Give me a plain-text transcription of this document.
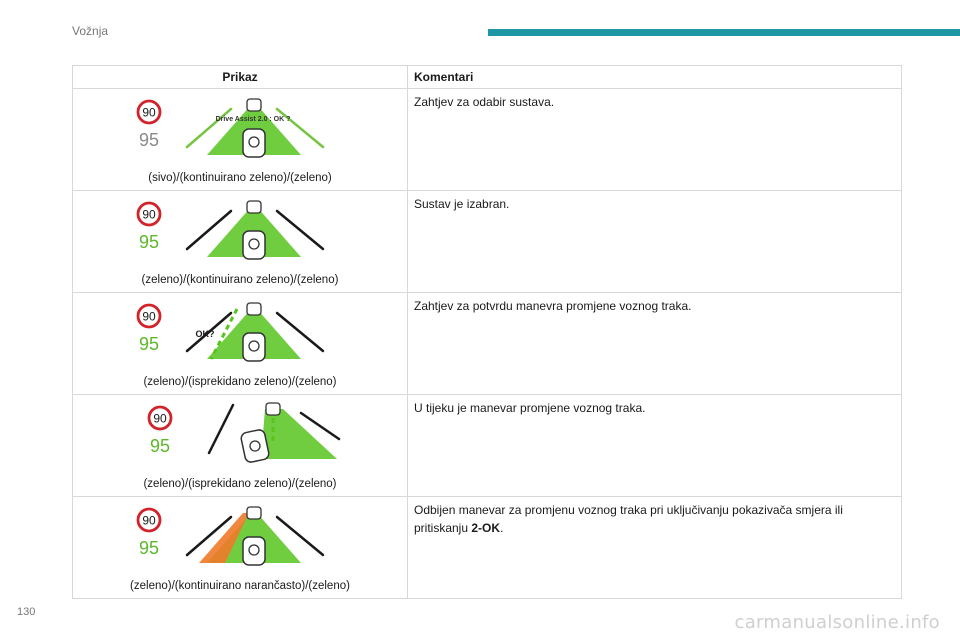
Vožnja
Prikaz	Komentari

90
95
Drive Assist 2.0 : OK ?
(sivo)/(kontinuirano zeleno)/(zeleno)	Zahtjev za odabir sustava.

90
95
(zeleno)/(kontinuirano zeleno)/(zeleno)	Sustav je izabran.

90
95 OK?
(zeleno)/(isprekidano zeleno)/(zeleno)	Zahtjev za potvrdu manevra promjene voznog traka.

90
95
(zeleno)/(isprekidano zeleno)/(zeleno)	U tijeku je manevar promjene voznog traka.

90
95
(zeleno)/(kontinuirano narančasto)/(zeleno)	Odbijen manevar za promjenu voznog traka pri uključivanju pokazivača smjera ili pritiskanju 2-OK.
130	carmanualsonline.info
